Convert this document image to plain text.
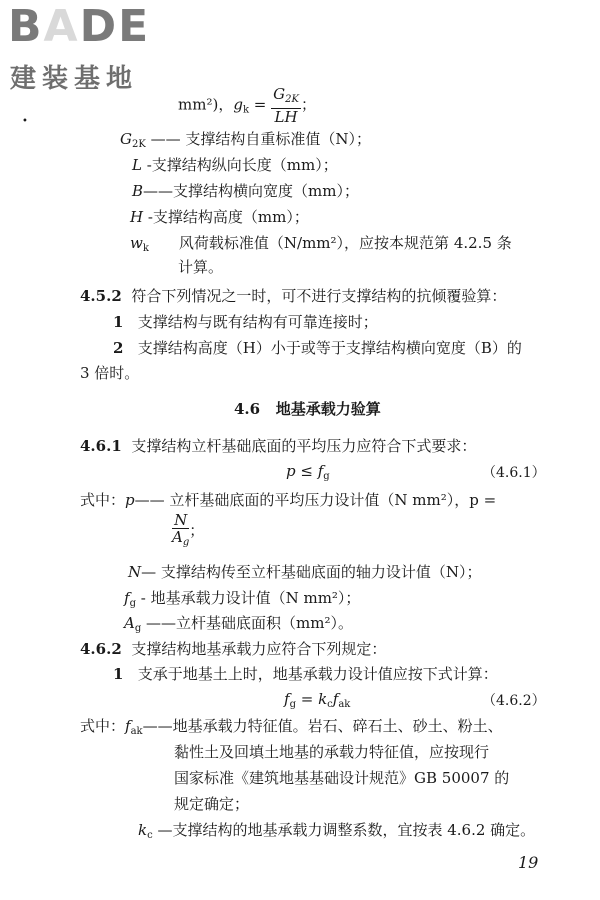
BADE
建装基地
mm²)，$g_k = \frac{G_{2K}}{LH}$ ；
•
$G_{2K}$ —— 支撑结构自重标准值（N）；
L -支撑结构纵向长度（mm）；
B——支撑结构横向宽度（mm）；
H -支撑结构高度（mm）；
$w_k$ 风荷载标准值（N/mm²），应按本规范第 4.2.5 条
计算。
4.5.2 符合下列情况之一时，可不进行支撑结构的抗倾覆验算：
1 支撑结构与既有结构有可靠连接时；
2 支撑结构高度（H）小于或等于支撑结构横向宽度（B）的
3 倍时。
4.6 地基承载力验算
4.6.1 支撑结构立杆基础底面的平均压力应符合下式要求：
$p \le f_g$	（4.6.1）
式中：p—— 立杆基础底面的平均压力设计值（N mm²），p =
$\frac{N}{A_g}$ ；
N— 支撑结构传至立杆基础底面的轴力设计值（N）；
$f_g$ - 地基承载力设计值（N mm²）；
$A_g$ ——立杆基础底面积（mm²）。
4.6.2 支撑结构地基承载力应符合下列规定：
1 支承于地基土上时，地基承载力设计值应按下式计算：
$f_g = k_cf_{ak}$	（4.6.2）
式中：$f_{ak}——$地基承载力特征值。岩石、碎石土、砂土、粉土、
黏性土及回填土地基的承载力特征值，应按现行
国家标准《建筑地基基础设计规范》GB 50007 的
规定确定；
$k_c$ —支撑结构的地基承载力调整系数，宜按表 4.6.2 确定。
19
